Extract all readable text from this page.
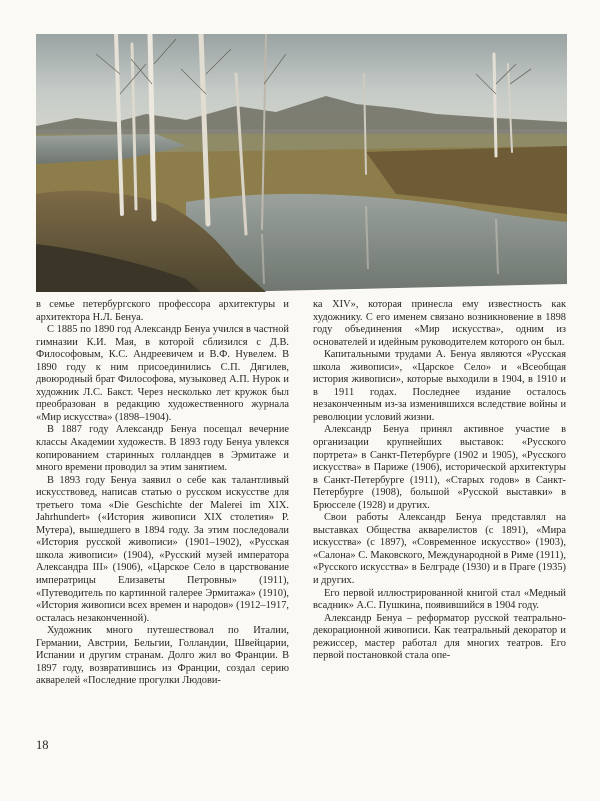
в семье петербургского профессора архитектуры и архитектора Н.Л. Бенуа.

С 1885 по 1890 год Александр Бенуа учился в частной гимназии К.И. Мая, в которой сблизился с Д.В. Философовым, К.С. Андреевичем и В.Ф. Нувелем. В 1890 году к ним присоединились С.П. Дягилев, двоюродный брат Философова, музыковед А.П. Нурок и художник Л.С. Бакст. Через несколько лет кружок был преобразован в редакцию художественного журнала «Мир искусства» (1898–1904).

В 1887 году Александр Бенуа посещал вечерние классы Академии художеств. В 1893 году Бенуа увлекся копированием старинных голландцев в Эрмитаже и много времени проводил за этим занятием.

В 1893 году Бенуа заявил о себе как талантливый искусствовед, написав статью о русском искусстве для третьего тома «Die Geschichte der Malerei im XIX. Jahrhundert» («История живописи XIX столетия» Р. Мутера), вышедшего в 1894 году. За этим последовали «История русской живописи» (1901–1902), «Русская школа живописи» (1904), «Русский музей императора Александра III» (1906), «Царское Село в царствование императрицы Елизаветы Петровны» (1911), «Путеводитель по картинной галерее Эрмитажа» (1910), «История живописи всех времен и народов» (1912–1917, осталась незаконченной).

Художник много путешествовал по Италии, Германии, Австрии, Бельгии, Голландии, Швейцарии, Испании и другим странам. Долго жил во Франции. В 1897 году, возвратившись из Франции, создал серию акварелей «Последние прогулки Людови-

ка XIV», которая принесла ему известность как художнику. С его именем связано возникновение в 1898 году объединения «Мир искусства», одним из основателей и идейным руководителем которого он был.

Капитальными трудами А. Бенуа являются «Русская школа живописи», «Царское Село» и «Всеобщая история живописи», которые выходили в 1904, в 1910 и в 1911 годах. Последнее издание осталось незаконченным из-за изменившихся вследствие войны и революции условий жизни.

Александр Бенуа принял активное участие в организации крупнейших выставок: «Русского портрета» в Санкт-Петербурге (1902 и 1905), «Русского искусства» в Париже (1906), исторической архитектуры в Санкт-Петербурге (1911), «Старых годов» в Санкт-Петербурге (1908), большой «Русской выставки» в Брюсселе (1928) и других.

Свои работы Александр Бенуа представлял на выставках Общества акварелистов (с 1891), «Мира искусства» (с 1897), «Современное искусство» (1903), «Салона» С. Маковского, Международной в Риме (1911), «Русского искусства» в Белграде (1930) и в Праге (1935) и других.

Его первой иллюстрированной книгой стал «Медный всадник» А.С. Пушкина, появившийся в 1904 году.

Александр Бенуа – реформатор русской театрально-декорационной живописи. Как театральный декоратор и режиссер, мастер работал для многих театров. Его первой постановкой стала опе-

18
